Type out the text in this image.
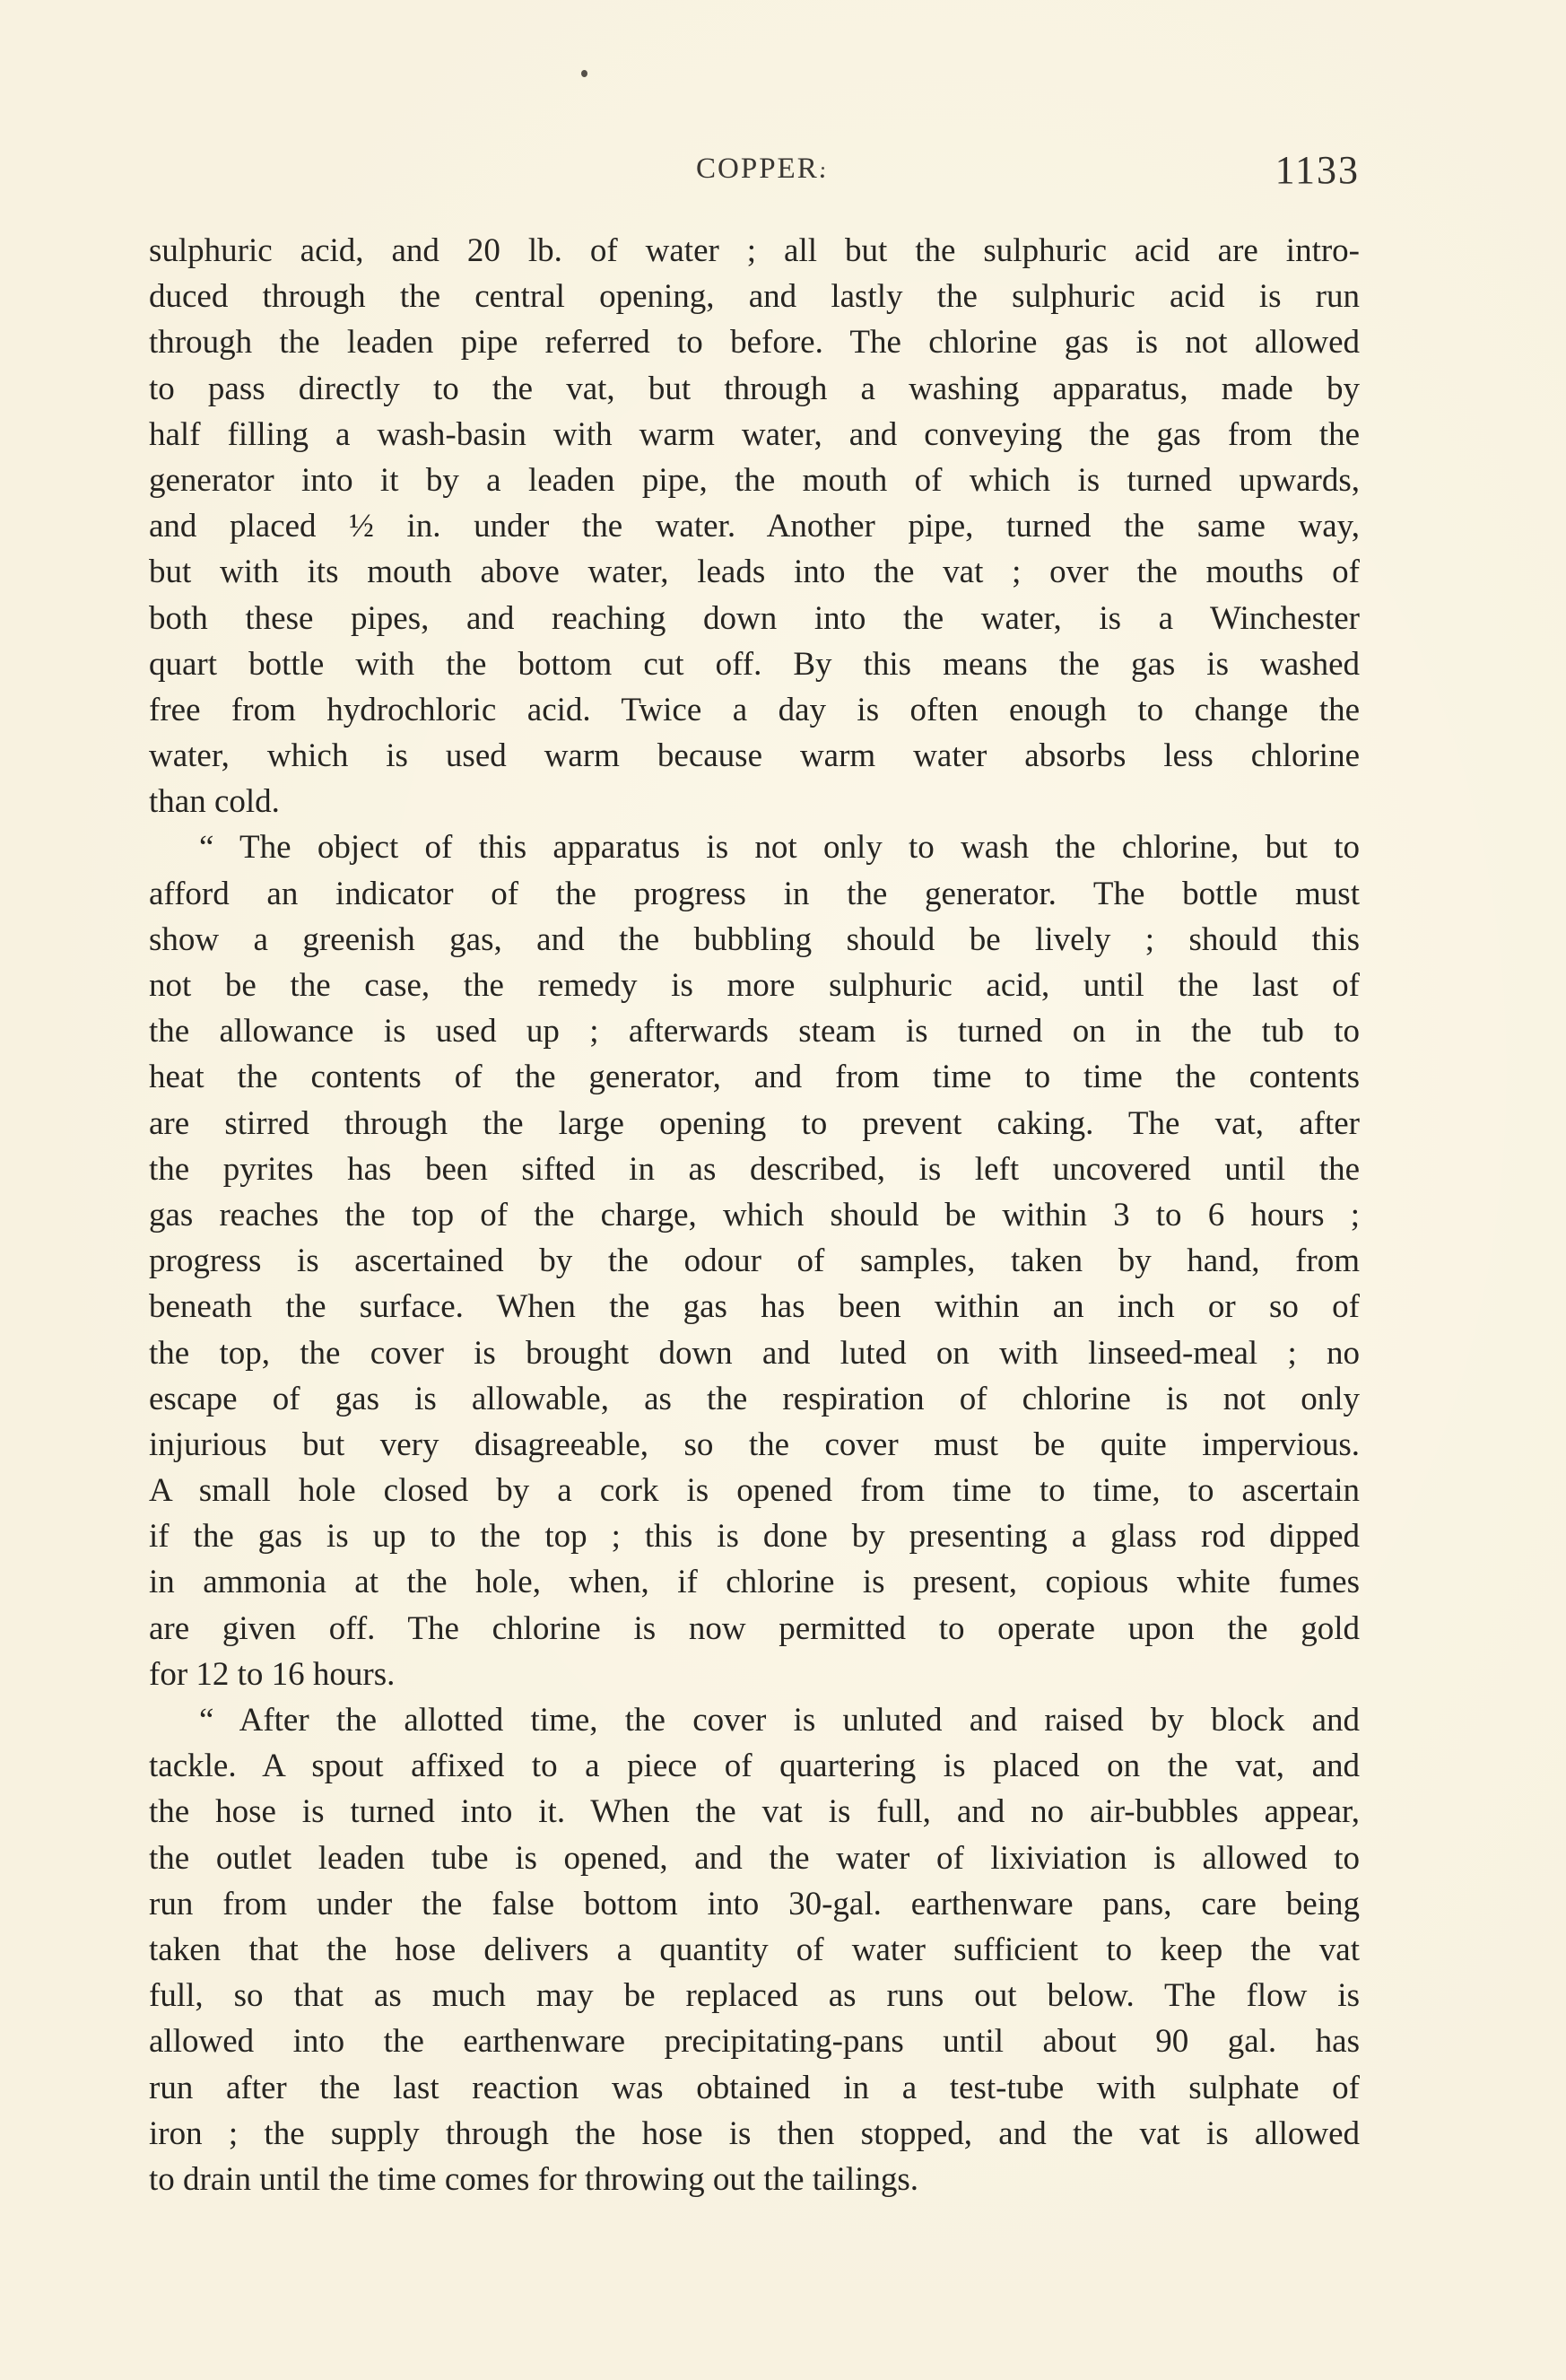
COPPER.	1133
sulphuric acid, and 20 lb. of water ; all but the sulphuric acid are intro-
duced through the central opening, and lastly the sulphuric acid is run
through the leaden pipe referred to before. The chlorine gas is not allowed
to pass directly to the vat, but through a washing apparatus, made by
half filling a wash-basin with warm water, and conveying the gas from the
generator into it by a leaden pipe, the mouth of which is turned upwards,
and placed ½ in. under the water. Another pipe, turned the same way,
but with its mouth above water, leads into the vat ; over the mouths of
both these pipes, and reaching down into the water, is a Winchester
quart bottle with the bottom cut off. By this means the gas is washed
free from hydrochloric acid. Twice a day is often enough to change the
water, which is used warm because warm water absorbs less chlorine
than cold.
“ The object of this apparatus is not only to wash the chlorine, but to
afford an indicator of the progress in the generator. The bottle must
show a greenish gas, and the bubbling should be lively ; should this
not be the case, the remedy is more sulphuric acid, until the last of
the allowance is used up ; afterwards steam is turned on in the tub to
heat the contents of the generator, and from time to time the contents
are stirred through the large opening to prevent caking. The vat, after
the pyrites has been sifted in as described, is left uncovered until the
gas reaches the top of the charge, which should be within 3 to 6 hours ;
progress is ascertained by the odour of samples, taken by hand, from
beneath the surface. When the gas has been within an inch or so of
the top, the cover is brought down and luted on with linseed-meal ; no
escape of gas is allowable, as the respiration of chlorine is not only
injurious but very disagreeable, so the cover must be quite impervious.
A small hole closed by a cork is opened from time to time, to ascertain
if the gas is up to the top ; this is done by presenting a glass rod dipped
in ammonia at the hole, when, if chlorine is present, copious white fumes
are given off. The chlorine is now permitted to operate upon the gold
for 12 to 16 hours.
“ After the allotted time, the cover is unluted and raised by block and
tackle. A spout affixed to a piece of quartering is placed on the vat, and
the hose is turned into it. When the vat is full, and no air-bubbles appear,
the outlet leaden tube is opened, and the water of lixiviation is allowed to
run from under the false bottom into 30-gal. earthenware pans, care being
taken that the hose delivers a quantity of water sufficient to keep the vat
full, so that as much may be replaced as runs out below. The flow is
allowed into the earthenware precipitating-pans until about 90 gal. has
run after the last reaction was obtained in a test-tube with sulphate of
iron ; the supply through the hose is then stopped, and the vat is allowed
to drain until the time comes for throwing out the tailings.
